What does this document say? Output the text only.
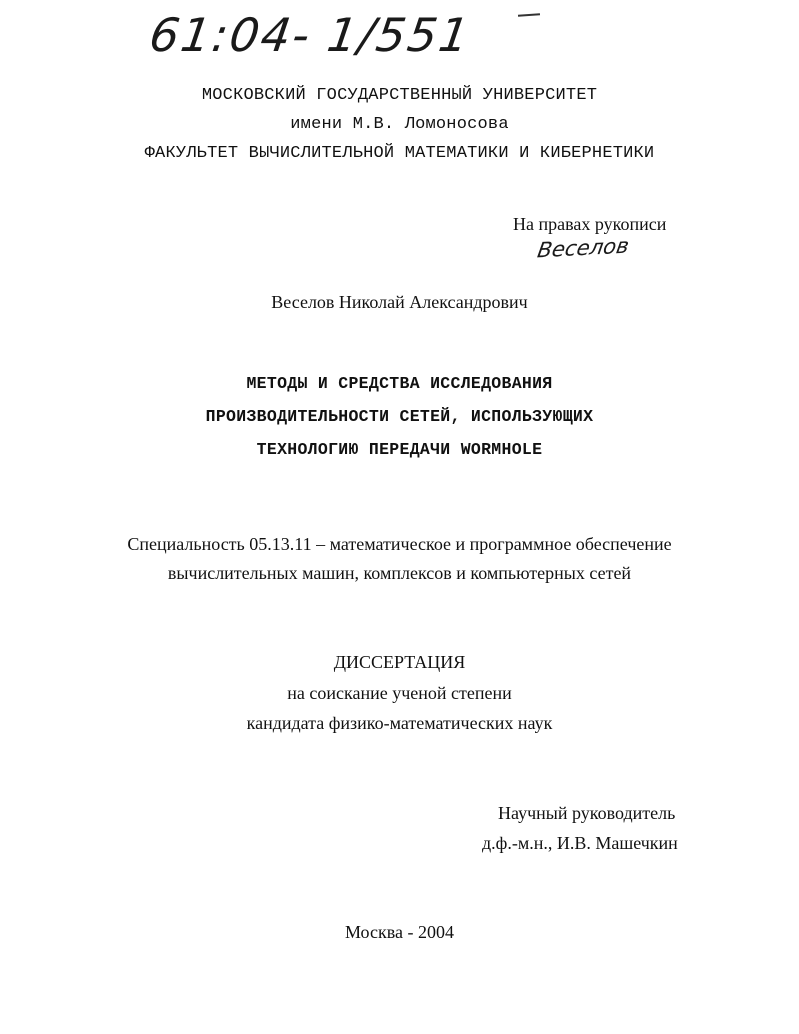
61:04- 1/551
МОСКОВСКИЙ ГОСУДАРСТВЕННЫЙ УНИВЕРСИТЕТ
имени М.В. Ломоносова
ФАКУЛЬТЕТ ВЫЧИСЛИТЕЛЬНОЙ МАТЕМАТИКИ И КИБЕРНЕТИКИ
На правах рукописи
Веселов
Веселов Николай Александрович
МЕТОДЫ И СРЕДСТВА ИССЛЕДОВАНИЯ
ПРОИЗВОДИТЕЛЬНОСТИ СЕТЕЙ, ИСПОЛЬЗУЮЩИХ
ТЕХНОЛОГИЮ ПЕРЕДАЧИ WORMHOLE
Специальность 05.13.11 – математическое и программное обеспечение
вычислительных машин, комплексов и компьютерных сетей
ДИССЕРТАЦИЯ
на соискание ученой степени
кандидата физико-математических наук
Научный руководитель
д.ф.-м.н., И.В. Машечкин
Москва - 2004
